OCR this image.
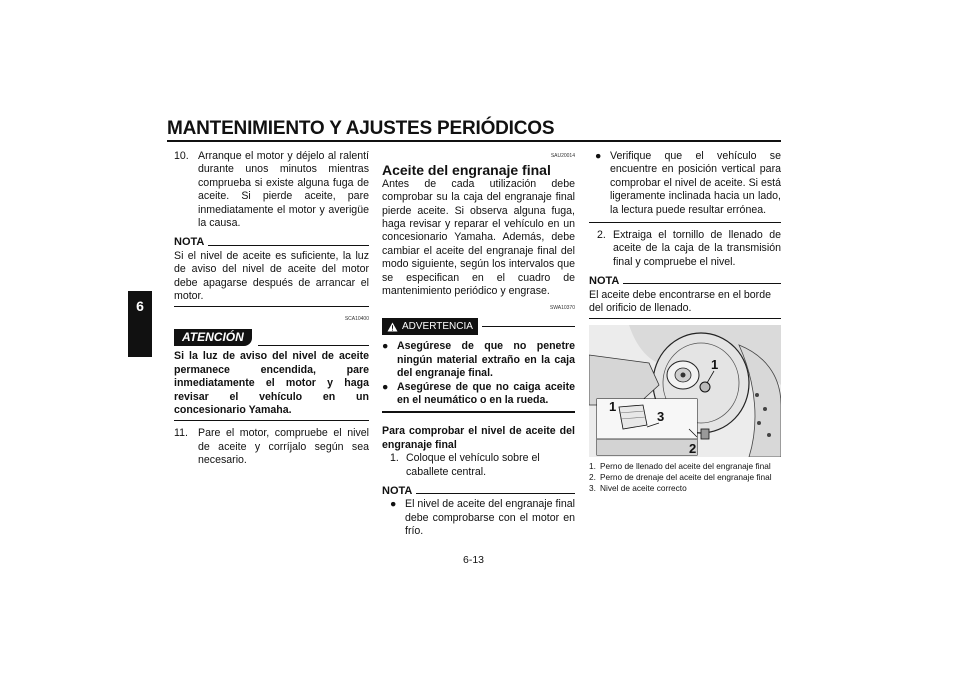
MANTENIMIENTO Y AJUSTES PERIÓDICOS
6
10. Arranque el motor y déjelo al ralentí durante unos minutos mientras comprueba si existe alguna fuga de aceite. Si pierde aceite, pare inmediatamente el motor y averigüe la causa.
NOTA
Si el nivel de aceite es suficiente, la luz de aviso del nivel de aceite del motor debe apagarse después de arrancar el motor.
SCA10400
ATENCIÓN
Si la luz de aviso del nivel de aceite permanece encendida, pare inmediatamente el motor y haga revisar el vehículo en un concesionario Yamaha.
11. Pare el motor, compruebe el nivel de aceite y corríjalo según sea necesario.
SAU20014
Aceite del engranaje final
Antes de cada utilización debe comprobar su la caja del engranaje final pierde aceite. Si observa alguna fuga, haga revisar y reparar el vehículo en un concesionario Yamaha. Además, debe cambiar el aceite del engranaje final del modo siguiente, según los intervalos que se especifican en el cuadro de mantenimiento periódico y engrase.
SWA10370
ADVERTENCIA
● Asegúrese de que no penetre ningún material extraño en la caja del engranaje final.
● Asegúrese de que no caiga aceite en el neumático o en la rueda.
Para comprobar el nivel de aceite del engranaje final
1. Coloque el vehículo sobre el caballete central.
NOTA
● El nivel de aceite del engranaje final debe comprobarse con el motor en frío.
● Verifique que el vehículo se encuentre en posición vertical para comprobar el nivel de aceite. Si está ligeramente inclinada hacia un lado, la lectura puede resultar errónea.
2. Extraiga el tornillo de llenado de aceite de la caja de la transmisión final y compruebe el nivel.
NOTA
El aceite debe encontrarse en el borde del orificio de llenado.
1
1
3
2
1. Perno de llenado del aceite del engranaje final
2. Perno de drenaje del aceite del engranaje final
3. Nivel de aceite correcto
6-13
